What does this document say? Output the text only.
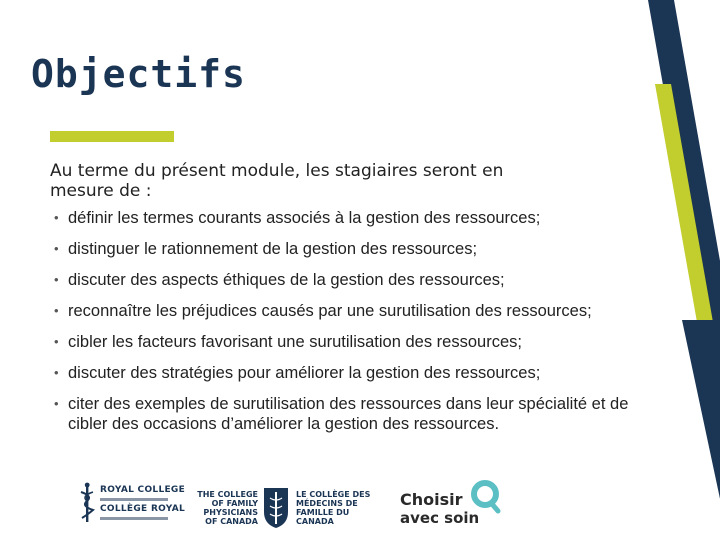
Objectifs
Au terme du présent module, les stagiaires seront en mesure de :
• définir les termes courants associés à la gestion des ressources;
• distinguer le rationnement de la gestion des ressources;
• discuter des aspects éthiques de la gestion des ressources;
• reconnaître les préjudices causés par une surutilisation des ressources;
• cibler les facteurs favorisant une surutilisation des ressources;
• discuter des stratégies pour améliorer la gestion des ressources;
• citer des exemples de surutilisation des ressources dans leur spécialité et de cibler des occasions d’améliorer la gestion des ressources.
ROYAL COLLEGE
COLLÈGE ROYAL
THE COLLEGE OF FAMILY PHYSICIANS OF CANADA
LE COLLÈGE DES MÉDECINS DE FAMILLE DU CANADA
Choisir
avec soin
